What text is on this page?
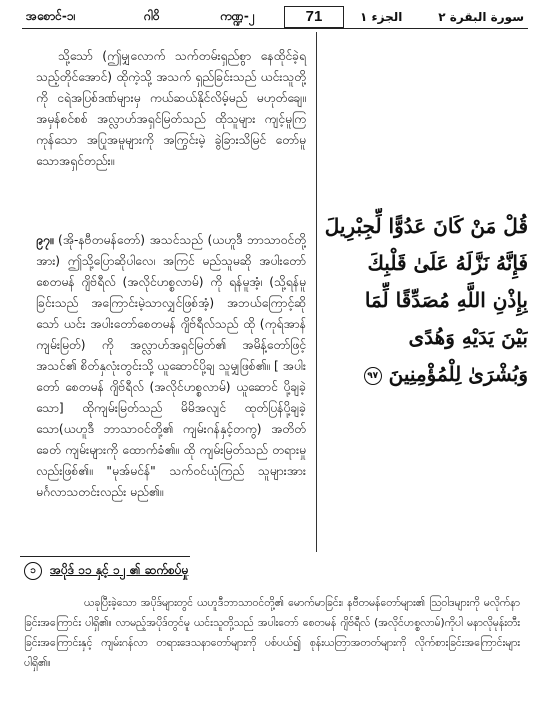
အစောင်-၁၊	ဂါဝိ	ကဏ္ဍ-၂	71	الجزء ١	سورة البقرة ٢

သို့သော် (ဤမျှလောက် သက်တမ်းရှည်စွာ နေထိုင်ခဲ့ရသည့်တိုင်အောင်) ထိုကဲ့သို့ အသက် ရှည်ခြင်းသည် ယင်းသူတို့ကို ငရဲအပြစ်ဒဏ်များမှ ကယ်ဆယ်နိုင်လိမ့်မည် မဟုတ်ချေ။ အမှန်စင်စစ် အလ္လာဟ်အရှင်မြတ်သည် ထိုသူများ ကျင့်မူကြ ကုန်သော အပြုအမူများကို အကြွင်းမဲ့ ခွဲခြားသိမြင် တော်မူသောအရှင်တည်း။

၉၇။ (အို-နဗီတမန်တော်) အသင်သည် (ယဟူဒီ ဘာသာဝင်တို့အား) ဤသို့ပြောဆိုပါလေ၊ အကြင် မည်သူမဆို အပါးတော် စေတမန် ဂျိဗ်ရီလ် (အလိုင်ဟစ္စလာမ်) ကို ရန်မူအံ့၊ (သို့ရန်မူခြင်းသည် အကြောင်းမဲ့သာလျှင်ဖြစ်အံ့) အဘယ်ကြောင့်ဆိုသော် ယင်း အပါးတော်စေတမန် ဂျိဗ်ရီလ်သည် ထို (ကုရ်အာန်ကျမ်းမြတ်) ကို အလ္လာဟ်အရှင်မြတ်၏ အမိန့်တော်ဖြင့် အသင်၏ စိတ်နှလုံးတွင်းသို့ ယူဆောင်ပို့ချ သူမျှဖြစ်၏။ [ အပါးတော် စေတမန် ဂျိဗ်ရီလ် (အလိုင်ဟစ္စလာမ်) ယူဆောင် ပို့ချခဲ့သော] ထိုကျမ်းမြတ်သည် မိမိအလျင် ထုတ်ပြန်ပို့ချခဲ့ သော(ယဟူဒီ ဘာသာဝင်တို့၏ ကျမ်းဂန်နှင့်တကွ) အတိတ်ခေတ် ကျမ်းများကို ထောက်ခံ၏။ ထို ကျမ်းမြတ်သည် တရားမှုလည်းဖြစ်၏။ "မုအ်မင်န်" သက်ဝင်ယုံကြည် သူများအား မင်္ဂလာသတင်းလည်း မည်၏။

قُلْ مَنْ كَانَ عَدُوًّا لِّجِبْرِيلَ
فَإِنَّهُ نَزَّلَهُ عَلَىٰ قَلْبِكَ
بِإِذْنِ اللَّهِ مُصَدِّقًا لِّمَا
بَيْنَ يَدَيْهِ وَهُدًى
وَبُشْرَىٰ لِلْمُؤْمِنِينَ ٩٧
၁	အပိုဒ် ၁၁ နှင့် ၁၂ ၏ ဆက်စပ်မှု

ယခုပြီးခဲ့သော အပိုဒ်များတွင် ယဟူဒီဘာသာဝင်တို့၏ မောက်မာခြင်း၊ နဗီတမန်တော်များ၏ သြဝါဒများကို မလိုက်နာခြင်းအကြောင်း ပါရှိ၏။ လာမည့်အပိုဒ်တွင်မူ ယင်းသူတို့သည် အပါးတော် စေတမန် ဂျိဗ်ရီလ် (အလိုင်ဟစ္စလာမ်)ကိုပါ မနာလိုမုန်းတီးခြင်းအကြောင်းနှင့် ကျမ်းဂန်လာ တရားဒေသနာတော်များကို ပစ်ပယ်၍ စုန်းယတြာအတတ်များကို လိုက်စားခြင်းအကြောင်းများ ပါရှိ၏။
